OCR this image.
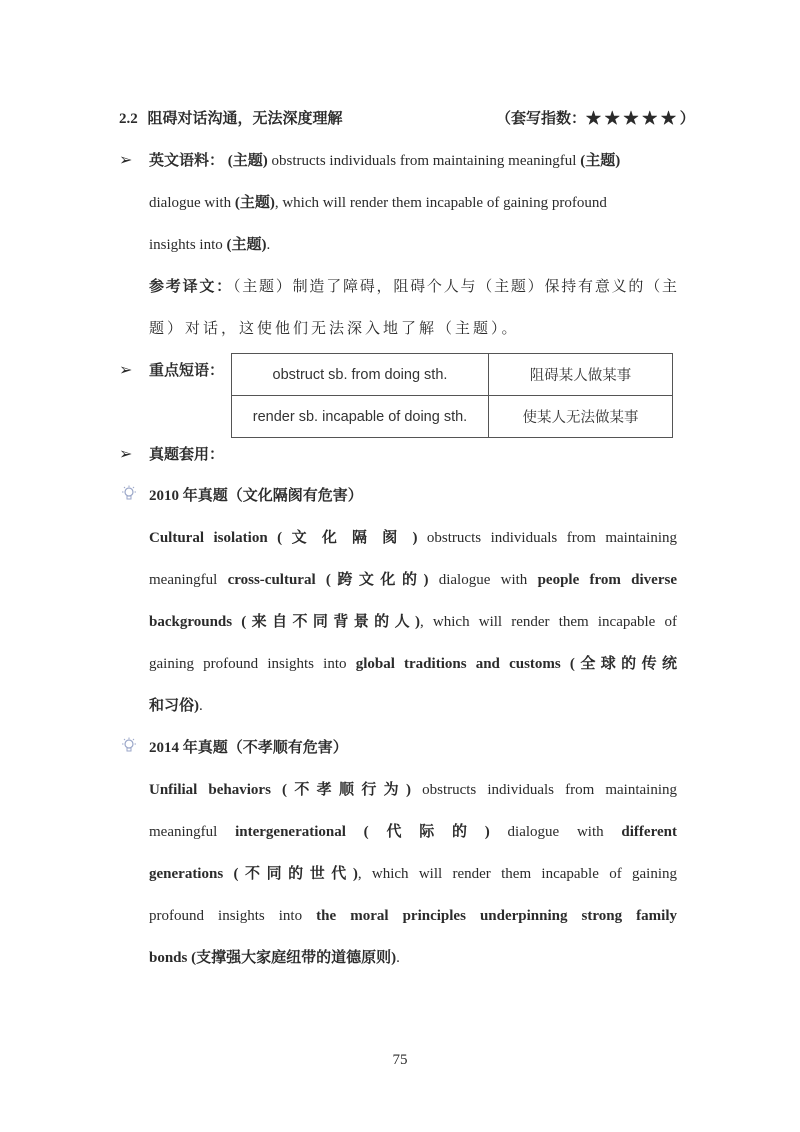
2.2 阻碍对话沟通，无法深度理解	（套写指数：★ ★ ★ ★ ★ ）
➢ 英文语料： (主题) obstructs individuals from maintaining meaningful (主题)
dialogue with (主题), which will render them incapable of gaining profound
insights into (主题).
参考译文：（主题）制造了障碍，阻碍个人与（主题）保持有意义的（主
题）对话，这使他们无法深入地了解（主题）。
➢ 重点短语：	obstruct sb. from doing sth.	阻碍某人做某事
render sb. incapable of doing sth.	使某人无法做某事
➢ 真题套用：
2010 年真题（文化隔阂有危害）
Cultural isolation ( 文 化 隔 阂 ) obstructs individuals from maintaining
meaningful cross-cultural (跨文化的) dialogue with people from diverse
backgrounds (来自不同背景的人), which will render them incapable of
gaining profound insights into global traditions and customs (全球的传统
和习俗).
2014 年真题（不孝顺有危害）
Unfilial behaviors (不孝顺行为) obstructs individuals from maintaining
meaningful intergenerational ( 代 际 的 ) dialogue with different
generations (不同的世代), which will render them incapable of gaining
profound insights into the moral principles underpinning strong family
bonds (支撑强大家庭纽带的道德原则).
75
